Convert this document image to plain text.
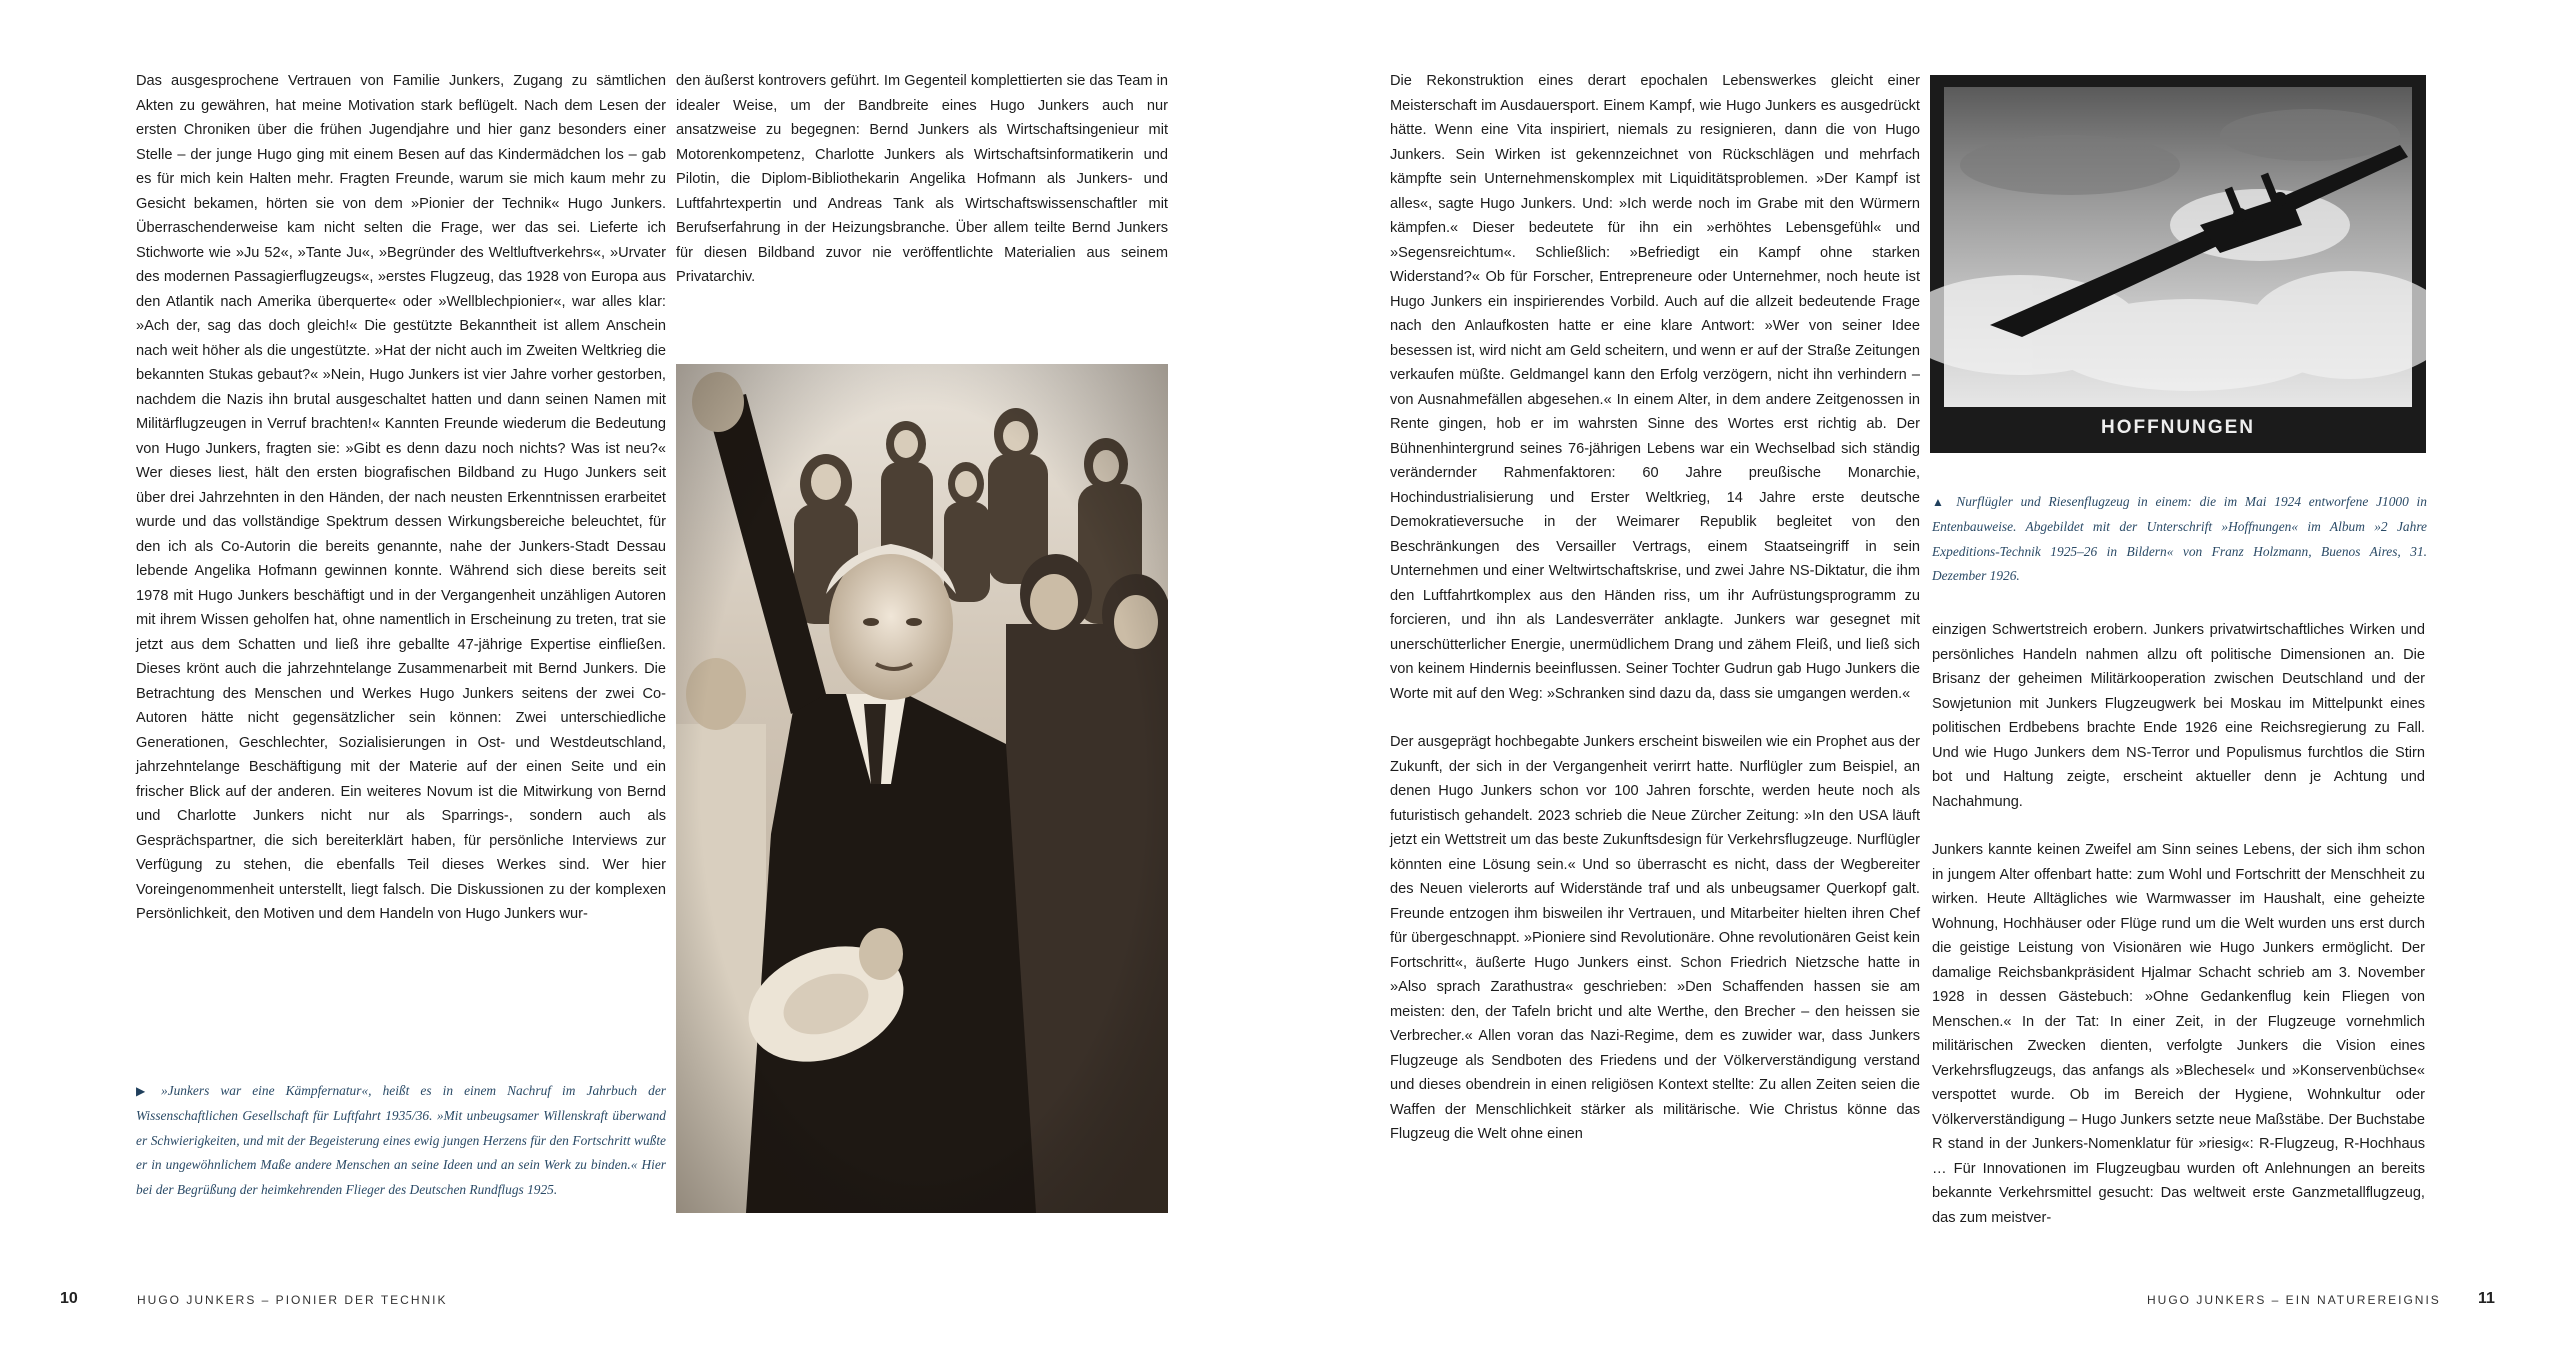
Das ausgesprochene Vertrauen von Familie Junkers, Zugang zu sämtlichen Akten zu gewähren, hat meine Motivation stark beflügelt. Nach dem Lesen der ersten Chroniken über die frühen Jugendjahre und hier ganz besonders einer Stelle – der junge Hugo ging mit einem Besen auf das Kindermädchen los – gab es für mich kein Halten mehr. Fragten Freunde, warum sie mich kaum mehr zu Gesicht bekamen, hörten sie von dem »Pionier der Technik« Hugo Junkers. Überraschenderweise kam nicht selten die Frage, wer das sei. Lieferte ich Stichworte wie »Ju 52«, »Tante Ju«, »Begründer des Weltluftverkehrs«, »Urvater des modernen Passagierflugzeugs«, »erstes Flugzeug, das 1928 von Europa aus den Atlantik nach Amerika überquerte« oder »Wellblechpionier«, war alles klar: »Ach der, sag das doch gleich!« Die gestützte Bekanntheit ist allem Anschein nach weit höher als die ungestützte. »Hat der nicht auch im Zweiten Weltkrieg die bekannten Stukas gebaut?« »Nein, Hugo Junkers ist vier Jahre vorher gestorben, nachdem die Nazis ihn brutal ausgeschaltet hatten und dann seinen Namen mit Militärflugzeugen in Verruf brachten!« Kannten Freunde wiederum die Bedeutung von Hugo Junkers, fragten sie: »Gibt es denn dazu noch nichts? Was ist neu?« Wer dieses liest, hält den ersten biografischen Bildband zu Hugo Junkers seit über drei Jahrzehnten in den Händen, der nach neusten Erkenntnissen erarbeitet wurde und das vollständige Spektrum dessen Wirkungsbereiche beleuchtet, für den ich als Co-Autorin die bereits genannte, nahe der Junkers-Stadt Dessau lebende Angelika Hofmann gewinnen konnte. Während sich diese bereits seit 1978 mit Hugo Junkers beschäftigt und in der Vergangenheit unzähligen Autoren mit ihrem Wissen geholfen hat, ohne namentlich in Erscheinung zu treten, trat sie jetzt aus dem Schatten und ließ ihre geballte 47-jährige Expertise einfließen. Dieses krönt auch die jahrzehntelange Zusammenarbeit mit Bernd Junkers. Die Betrachtung des Menschen und Werkes Hugo Junkers seitens der zwei Co-Autoren hätte nicht gegensätzlicher sein können: Zwei unterschiedliche Generationen, Geschlechter, Sozialisierungen in Ost- und Westdeutschland, jahrzehntelange Beschäftigung mit der Materie auf der einen Seite und ein frischer Blick auf der anderen. Ein weiteres Novum ist die Mitwirkung von Bernd und Charlotte Junkers nicht nur als Sparrings-, sondern auch als Gesprächspartner, die sich bereiterklärt haben, für persönliche Interviews zur Verfügung zu stehen, die ebenfalls Teil dieses Werkes sind. Wer hier Voreingenommenheit unterstellt, liegt falsch. Die Diskussionen zu der komplexen Persönlichkeit, den Motiven und dem Handeln von Hugo Junkers wur-

▶ »Junkers war eine Kämpfernatur«, heißt es in einem Nachruf im Jahrbuch der Wissenschaftlichen Gesellschaft für Luftfahrt 1935/36. »Mit unbeugsamer Willenskraft überwand er Schwierigkeiten, und mit der Begeisterung eines ewig jungen Herzens für den Fortschritt wußte er in ungewöhnlichem Maße andere Menschen an seine Ideen und an sein Werk zu binden.« Hier bei der Begrüßung der heimkehrenden Flieger des Deutschen Rundflugs 1925.

den äußerst kontrovers geführt. Im Gegenteil komplettierten sie das Team in idealer Weise, um der Bandbreite eines Hugo Junkers auch nur ansatzweise zu begegnen: Bernd Junkers als Wirtschaftsingenieur mit Motorenkompetenz, Charlotte Junkers als Wirtschaftsinformatikerin und Pilotin, die Diplom-Bibliothekarin Angelika Hofmann als Junkers- und Luftfahrtexpertin und Andreas Tank als Wirtschaftswissenschaftler mit Berufserfahrung in der Heizungsbranche. Über allem teilte Bernd Junkers für diesen Bildband zuvor nie veröffentlichte Materialien aus seinem Privatarchiv.

10	HUGO JUNKERS – PIONIER DER TECHNIK

Die Rekonstruktion eines derart epochalen Lebenswerkes gleicht einer Meisterschaft im Ausdauersport. Einem Kampf, wie Hugo Junkers es ausgedrückt hätte. Wenn eine Vita inspiriert, niemals zu resignieren, dann die von Hugo Junkers. Sein Wirken ist gekennzeichnet von Rückschlägen und mehrfach kämpfte sein Unternehmenskomplex mit Liquiditätsproblemen. »Der Kampf ist alles«, sagte Hugo Junkers. Und: »Ich werde noch im Grabe mit den Würmern kämpfen.« Dieser bedeutete für ihn ein »erhöhtes Lebensgefühl« und »Segensreichtum«. Schließlich: »Befriedigt ein Kampf ohne starken Widerstand?« Ob für Forscher, Entrepreneure oder Unternehmer, noch heute ist Hugo Junkers ein inspirierendes Vorbild. Auch auf die allzeit bedeutende Frage nach den Anlaufkosten hatte er eine klare Antwort: »Wer von seiner Idee besessen ist, wird nicht am Geld scheitern, und wenn er auf der Straße Zeitungen verkaufen müßte. Geldmangel kann den Erfolg verzögern, nicht ihn verhindern – von Ausnahmefällen abgesehen.« In einem Alter, in dem andere Zeitgenossen in Rente gingen, hob er im wahrsten Sinne des Wortes erst richtig ab. Der Bühnenhintergrund seines 76-jährigen Lebens war ein Wechselbad sich ständig verändernder Rahmenfaktoren: 60 Jahre preußische Monarchie, Hochindustrialisierung und Erster Weltkrieg, 14 Jahre erste deutsche Demokratieversuche in der Weimarer Republik begleitet von den Beschränkungen des Versailler Vertrags, einem Staatseingriff in sein Unternehmen und einer Weltwirtschaftskrise, und zwei Jahre NS-Diktatur, die ihm den Luftfahrtkomplex aus den Händen riss, um ihr Aufrüstungsprogramm zu forcieren, und ihn als Landesverräter anklagte. Junkers war gesegnet mit unerschütterlicher Energie, unermüdlichem Drang und zähem Fleiß, und ließ sich von keinem Hindernis beeinflussen. Seiner Tochter Gudrun gab Hugo Junkers die Worte mit auf den Weg: »Schranken sind dazu da, dass sie umgangen werden.«

Der ausgeprägt hochbegabte Junkers erscheint bisweilen wie ein Prophet aus der Zukunft, der sich in der Vergangenheit verirrt hatte. Nurflügler zum Beispiel, an denen Hugo Junkers schon vor 100 Jahren forschte, werden heute noch als futuristisch gehandelt. 2023 schrieb die Neue Zürcher Zeitung: »In den USA läuft jetzt ein Wettstreit um das beste Zukunftsdesign für Verkehrsflugzeuge. Nurflügler könnten eine Lösung sein.« Und so überrascht es nicht, dass der Wegbereiter des Neuen vielerorts auf Widerstände traf und als unbeugsamer Querkopf galt. Freunde entzogen ihm bisweilen ihr Vertrauen, und Mitarbeiter hielten ihren Chef für übergeschnappt. »Pioniere sind Revolutionäre. Ohne revolutionären Geist kein Fortschritt«, äußerte Hugo Junkers einst. Schon Friedrich Nietzsche hatte in »Also sprach Zarathustra« geschrieben: »Den Schaffenden hassen sie am meisten: den, der Tafeln bricht und alte Werthe, den Brecher – den heissen sie Verbrecher.« Allen voran das Nazi-Regime, dem es zuwider war, dass Junkers Flugzeuge als Sendboten des Friedens und der Völkerverständigung verstand und dieses obendrein in einen religiösen Kontext stellte: Zu allen Zeiten seien die Waffen der Menschlichkeit stärker als militärische. Wie Christus könne das Flugzeug die Welt ohne einen

HOFFNUNGEN
▲ Nurflügler und Riesenflugzeug in einem: die im Mai 1924 entworfene J1000 in Entenbauweise. Abgebildet mit der Unterschrift »Hoffnungen« im Album »2 Jahre Expeditions-Technik 1925–26 in Bildern« von Franz Holzmann, Buenos Aires, 31. Dezember 1926.

einzigen Schwertstreich erobern. Junkers privatwirtschaftliches Wirken und persönliches Handeln nahmen allzu oft politische Dimensionen an. Die Brisanz der geheimen Militärkooperation zwischen Deutschland und der Sowjetunion mit Junkers Flugzeugwerk bei Moskau im Mittelpunkt eines politischen Erdbebens brachte Ende 1926 eine Reichsregierung zu Fall. Und wie Hugo Junkers dem NS-Terror und Populismus furchtlos die Stirn bot und Haltung zeigte, erscheint aktueller denn je Achtung und Nachahmung.

Junkers kannte keinen Zweifel am Sinn seines Lebens, der sich ihm schon in jungem Alter offenbart hatte: zum Wohl und Fortschritt der Menschheit zu wirken. Heute Alltägliches wie Warmwasser im Haushalt, eine geheizte Wohnung, Hochhäuser oder Flüge rund um die Welt wurden uns erst durch die geistige Leistung von Visionären wie Hugo Junkers ermöglicht. Der damalige Reichsbankpräsident Hjalmar Schacht schrieb am 3. November 1928 in dessen Gästebuch: »Ohne Gedankenflug kein Fliegen von Menschen.« In der Tat: In einer Zeit, in der Flugzeuge vornehmlich militärischen Zwecken dienten, verfolgte Junkers die Vision eines Verkehrsflugzeugs, das anfangs als »Blechesel« und »Konservenbüchse« verspottet wurde. Ob im Bereich der Hygiene, Wohnkultur oder Völkerverständigung – Hugo Junkers setzte neue Maßstäbe. Der Buchstabe R stand in der Junkers-Nomenklatur für »riesig«: R-Flugzeug, R-Hochhaus … Für Innovationen im Flugzeugbau wurden oft Anlehnungen an bereits bekannte Verkehrsmittel gesucht: Das weltweit erste Ganzmetallflugzeug, das zum meistver-

HUGO JUNKERS – EIN NATUREREIGNIS 11
